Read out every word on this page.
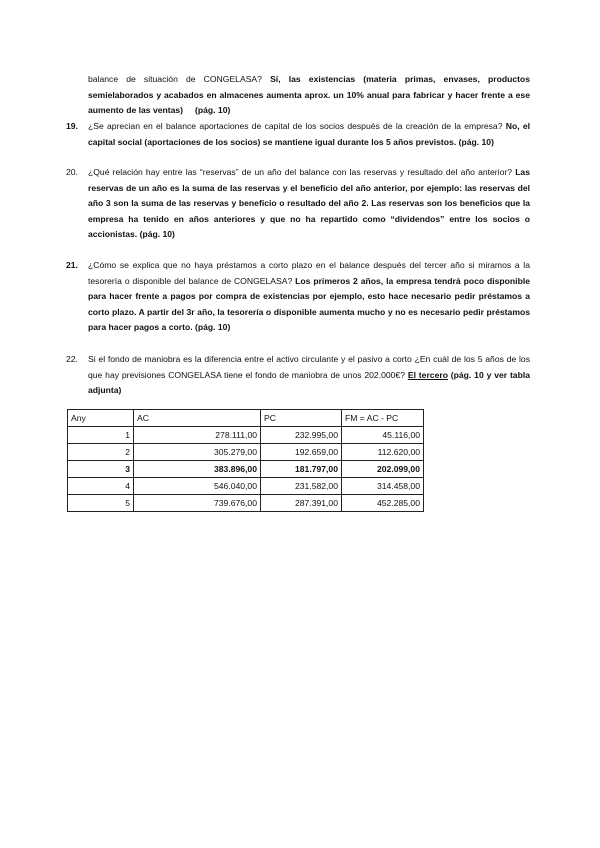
balance de situación de CONGELASA? Sí, las existencias (materia primas, envases, productos semielaborados y acabados en almacenes aumenta aprox. un 10% anual para fabricar y hacer frente a ese aumento de las ventas) (pág. 10)
19. ¿Se aprecian en el balance aportaciones de capital de los socios después de la creación de la empresa? No, el capital social (aportaciones de los socios) se mantiene igual durante los 5 años previstos. (pág. 10)
20. ¿Qué relación hay entre las “reservas” de un año del balance con las reservas y resultado del año anterior? Las reservas de un año es la suma de las reservas y el beneficio del año anterior, por ejemplo: las reservas del año 3 son la suma de las reservas y beneficio o resultado del año 2. Las reservas son los beneficios que la empresa ha tenido en años anteriores y que no ha repartido como “dividendos” entre los socios o accionistas. (pág. 10)
21. ¿Cómo se explica que no haya préstamos a corto plazo en el balance después del tercer año si miramos a la tesorería o disponible del balance de CONGELASA? Los primeros 2 años, la empresa tendrá poco disponible para hacer frente a pagos por compra de existencias por ejemplo, esto hace necesario pedir préstamos a corto plazo. A partir del 3r año, la tesorería o disponible aumenta mucho y no es necesario pedir préstamos para hacer pagos a corto. (pág. 10)
22. Si el fondo de maniobra es la diferencia entre el activo circulante y el pasivo a corto ¿En cuál de los 5 años de los que hay previsiones CONGELASA tiene el fondo de maniobra de unos 202.000€? El tercero (pág. 10 y ver tabla adjunta)
Any	AC	PC	FM = AC - PC
1	278.111,00	232.995,00	45.116,00
2	305.279,00	192.659,00	112.620,00
3	383.896,00	181.797,00	202.099,00
4	546.040,00	231.582,00	314.458,00
5	739.676,00	287.391,00	452.285,00
